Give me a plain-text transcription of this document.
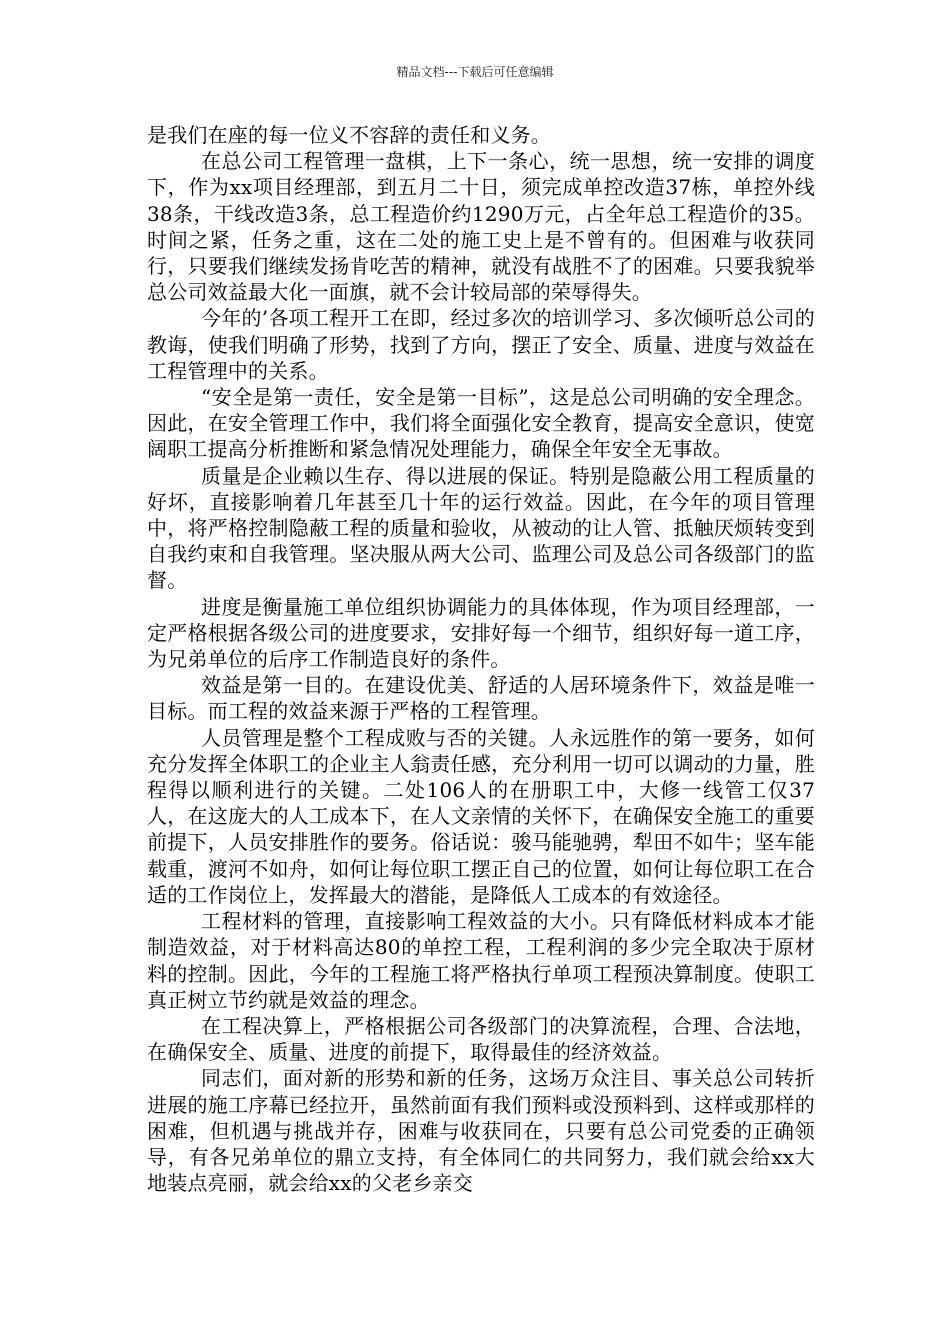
精品文档---下载后可任意编辑

是我们在座的每一位义不容辞的责任和义务。

在总公司工程管理一盘棋，上下一条心，统一思想，统一安排的调度下，作为xx项目经理部，到五月二十日，须完成单控改造37栋，单控外线38条，干线改造3条，总工程造价约1290万元，占全年总工程造价的35。时间之紧，任务之重，这在二处的施工史上是不曾有的。但困难与收获同行，只要我们继续发扬肯吃苦的精神，就没有战胜不了的困难。只要我貌举总公司效益最大化一面旗，就不会计较局部的荣辱得失。

今年的’各项工程开工在即，经过多次的培训学习、多次倾听总公司的教诲，使我们明确了形势，找到了方向，摆正了安全、质量、进度与效益在工程管理中的关系。

“安全是第一责任，安全是第一目标”，这是总公司明确的安全理念。因此，在安全管理工作中，我们将全面强化安全教育，提高安全意识，使宽阔职工提高分析推断和紧急情况处理能力，确保全年安全无事故。

质量是企业赖以生存、得以进展的保证。特别是隐蔽公用工程质量的好坏，直接影响着几年甚至几十年的运行效益。因此，在今年的项目管理中，将严格控制隐蔽工程的质量和验收，从被动的让人管、抵触厌烦转变到自我约束和自我管理。坚决服从两大公司、监理公司及总公司各级部门的监督。

进度是衡量施工单位组织协调能力的具体体现，作为项目经理部，一定严格根据各级公司的进度要求，安排好每一个细节，组织好每一道工序，为兄弟单位的后序工作制造良好的条件。

效益是第一目的。在建设优美、舒适的人居环境条件下，效益是唯一目标。而工程的效益来源于严格的工程管理。

人员管理是整个工程成败与否的关键。人永远胜作的第一要务，如何充分发挥全体职工的企业主人翁责任感，充分利用一切可以调动的力量，胜程得以顺利进行的关键。二处106人的在册职工中，大修一线管工仅37人，在这庞大的人工成本下，在人文亲情的关怀下，在确保安全施工的重要前提下，人员安排胜作的要务。俗话说：骏马能驰骋，犁田不如牛；坚车能载重，渡河不如舟，如何让每位职工摆正自己的位置，如何让每位职工在合适的工作岗位上，发挥最大的潜能，是降低人工成本的有效途径。

工程材料的管理，直接影响工程效益的大小。只有降低材料成本才能制造效益，对于材料高达80的单控工程，工程利润的多少完全取决于原材料的控制。因此，今年的工程施工将严格执行单项工程预决算制度。使职工真正树立节约就是效益的理念。

在工程决算上，严格根据公司各级部门的决算流程，合理、合法地，在确保安全、质量、进度的前提下，取得最佳的经济效益。

同志们，面对新的形势和新的任务，这场万众注目、事关总公司转折进展的施工序幕已经拉开，虽然前面有我们预料或没预料到、这样或那样的困难，但机遇与挑战并存，困难与收获同在，只要有总公司党委的正确领导，有各兄弟单位的鼎立支持，有全体同仁的共同努力，我们就会给xx大地装点亮丽，就会给xx的父老乡亲交
